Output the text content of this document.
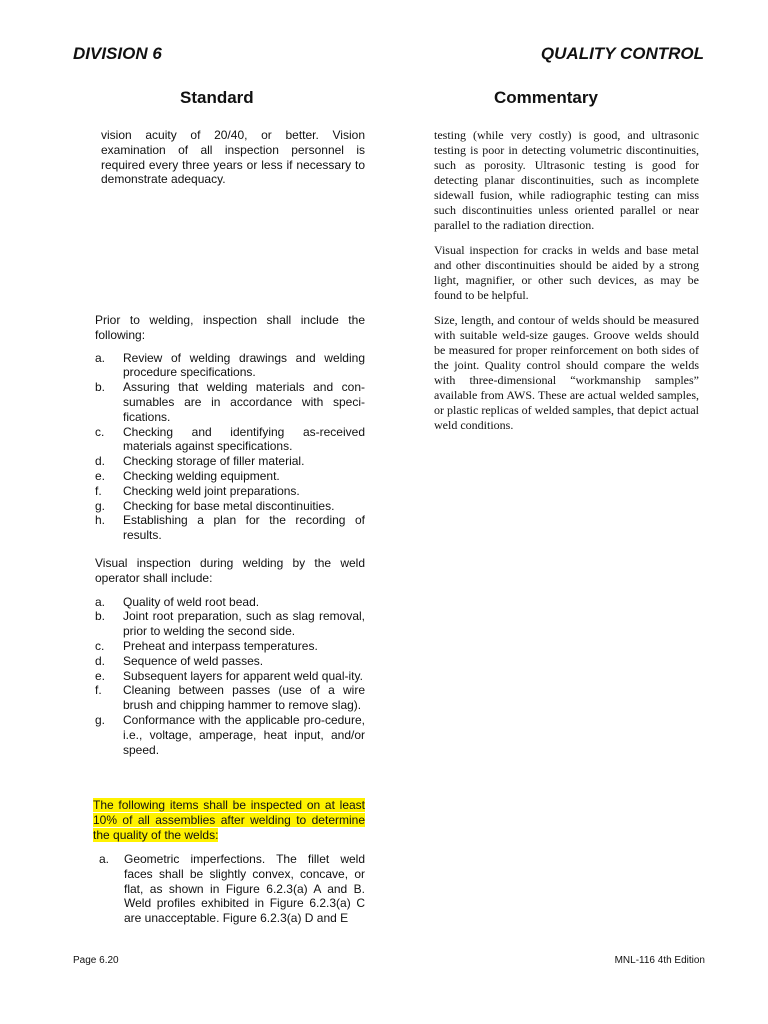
DIVISION 6	QUALITY CONTROL
Standard	Commentary

vision acuity of 20/40, or better. Vision examination of all inspection personnel is required every three years or less if necessary to demonstrate adequacy.

Prior to welding, inspection shall include the following:

a. Review of welding drawings and welding procedure specifications.
b. Assuring that welding materials and con-sumables are in accordance with speci-fications.
c. Checking and identifying as-received materials against specifications.
d. Checking storage of filler material.
e. Checking welding equipment.
f. Checking weld joint preparations.
g. Checking for base metal discontinuities.
h. Establishing a plan for the recording of results.

Visual inspection during welding by the weld operator shall include:

a. Quality of weld root bead.
b. Joint root preparation, such as slag removal, prior to welding the second side.
c. Preheat and interpass temperatures.
d. Sequence of weld passes.
e. Subsequent layers for apparent weld qual-ity.
f. Cleaning between passes (use of a wire brush and chipping hammer to remove slag).
g. Conformance with the applicable pro-cedure, i.e., voltage, amperage, heat input, and/or speed.

The following items shall be inspected on at least 10% of all assemblies after welding to determine the quality of the welds:

a. Geometric imperfections. The fillet weld faces shall be slightly convex, concave, or flat, as shown in Figure 6.2.3(a) A and B. Weld profiles exhibited in Figure 6.2.3(a) C are unacceptable. Figure 6.2.3(a) D and E

testing (while very costly) is good, and ultrasonic testing is poor in detecting volumetric discontinuities, such as porosity. Ultrasonic testing is good for detecting planar discontinuities, such as incomplete sidewall fusion, while radiographic testing can miss such discontinuities unless oriented parallel or near parallel to the radiation direction.

Visual inspection for cracks in welds and base metal and other discontinuities should be aided by a strong light, magnifier, or other such devices, as may be found to be helpful.

Size, length, and contour of welds should be measured with suitable weld-size gauges. Groove welds should be measured for proper reinforcement on both sides of the joint. Quality control should compare the welds with three-dimensional “workmanship samples” available from AWS. These are actual welded samples, or plastic replicas of welded samples, that depict actual weld conditions.

Page 6.20	MNL-116 4th Edition
